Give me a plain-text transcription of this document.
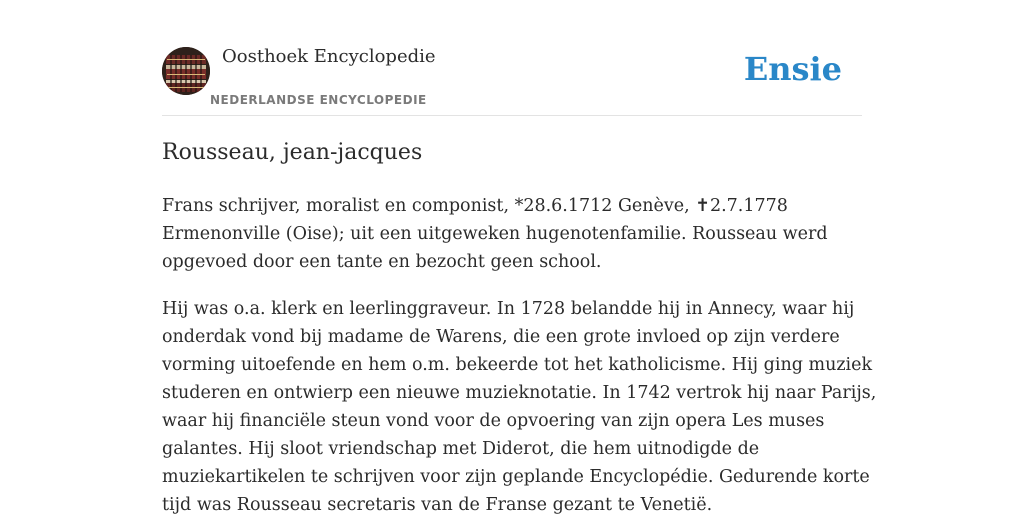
Oosthoek Encyclopedie
NEDERLANDSE ENCYCLOPEDIE
Ensie
Rousseau, jean-jacques

Frans schrijver, moralist en componist, *28.6.1712 Genève, ✝2.7.1778
Ermenonville (Oise); uit een uitgeweken hugenotenfamilie. Rousseau werd
opgevoed door een tante en bezocht geen school.

Hij was o.a. klerk en leerlinggraveur. In 1728 belandde hij in Annecy, waar hij
onderdak vond bij madame de Warens, die een grote invloed op zijn verdere
vorming uitoefende en hem o.m. bekeerde tot het katholicisme. Hij ging muziek
studeren en ontwierp een nieuwe muzieknotatie. In 1742 vertrok hij naar Parijs,
waar hij financiële steun vond voor de opvoering van zijn opera Les muses
galantes. Hij sloot vriendschap met Diderot, die hem uitnodigde de
muziekartikelen te schrijven voor zijn geplande Encyclopédie. Gedurende korte
tijd was Rousseau secretaris van de Franse gezant te Venetië.
